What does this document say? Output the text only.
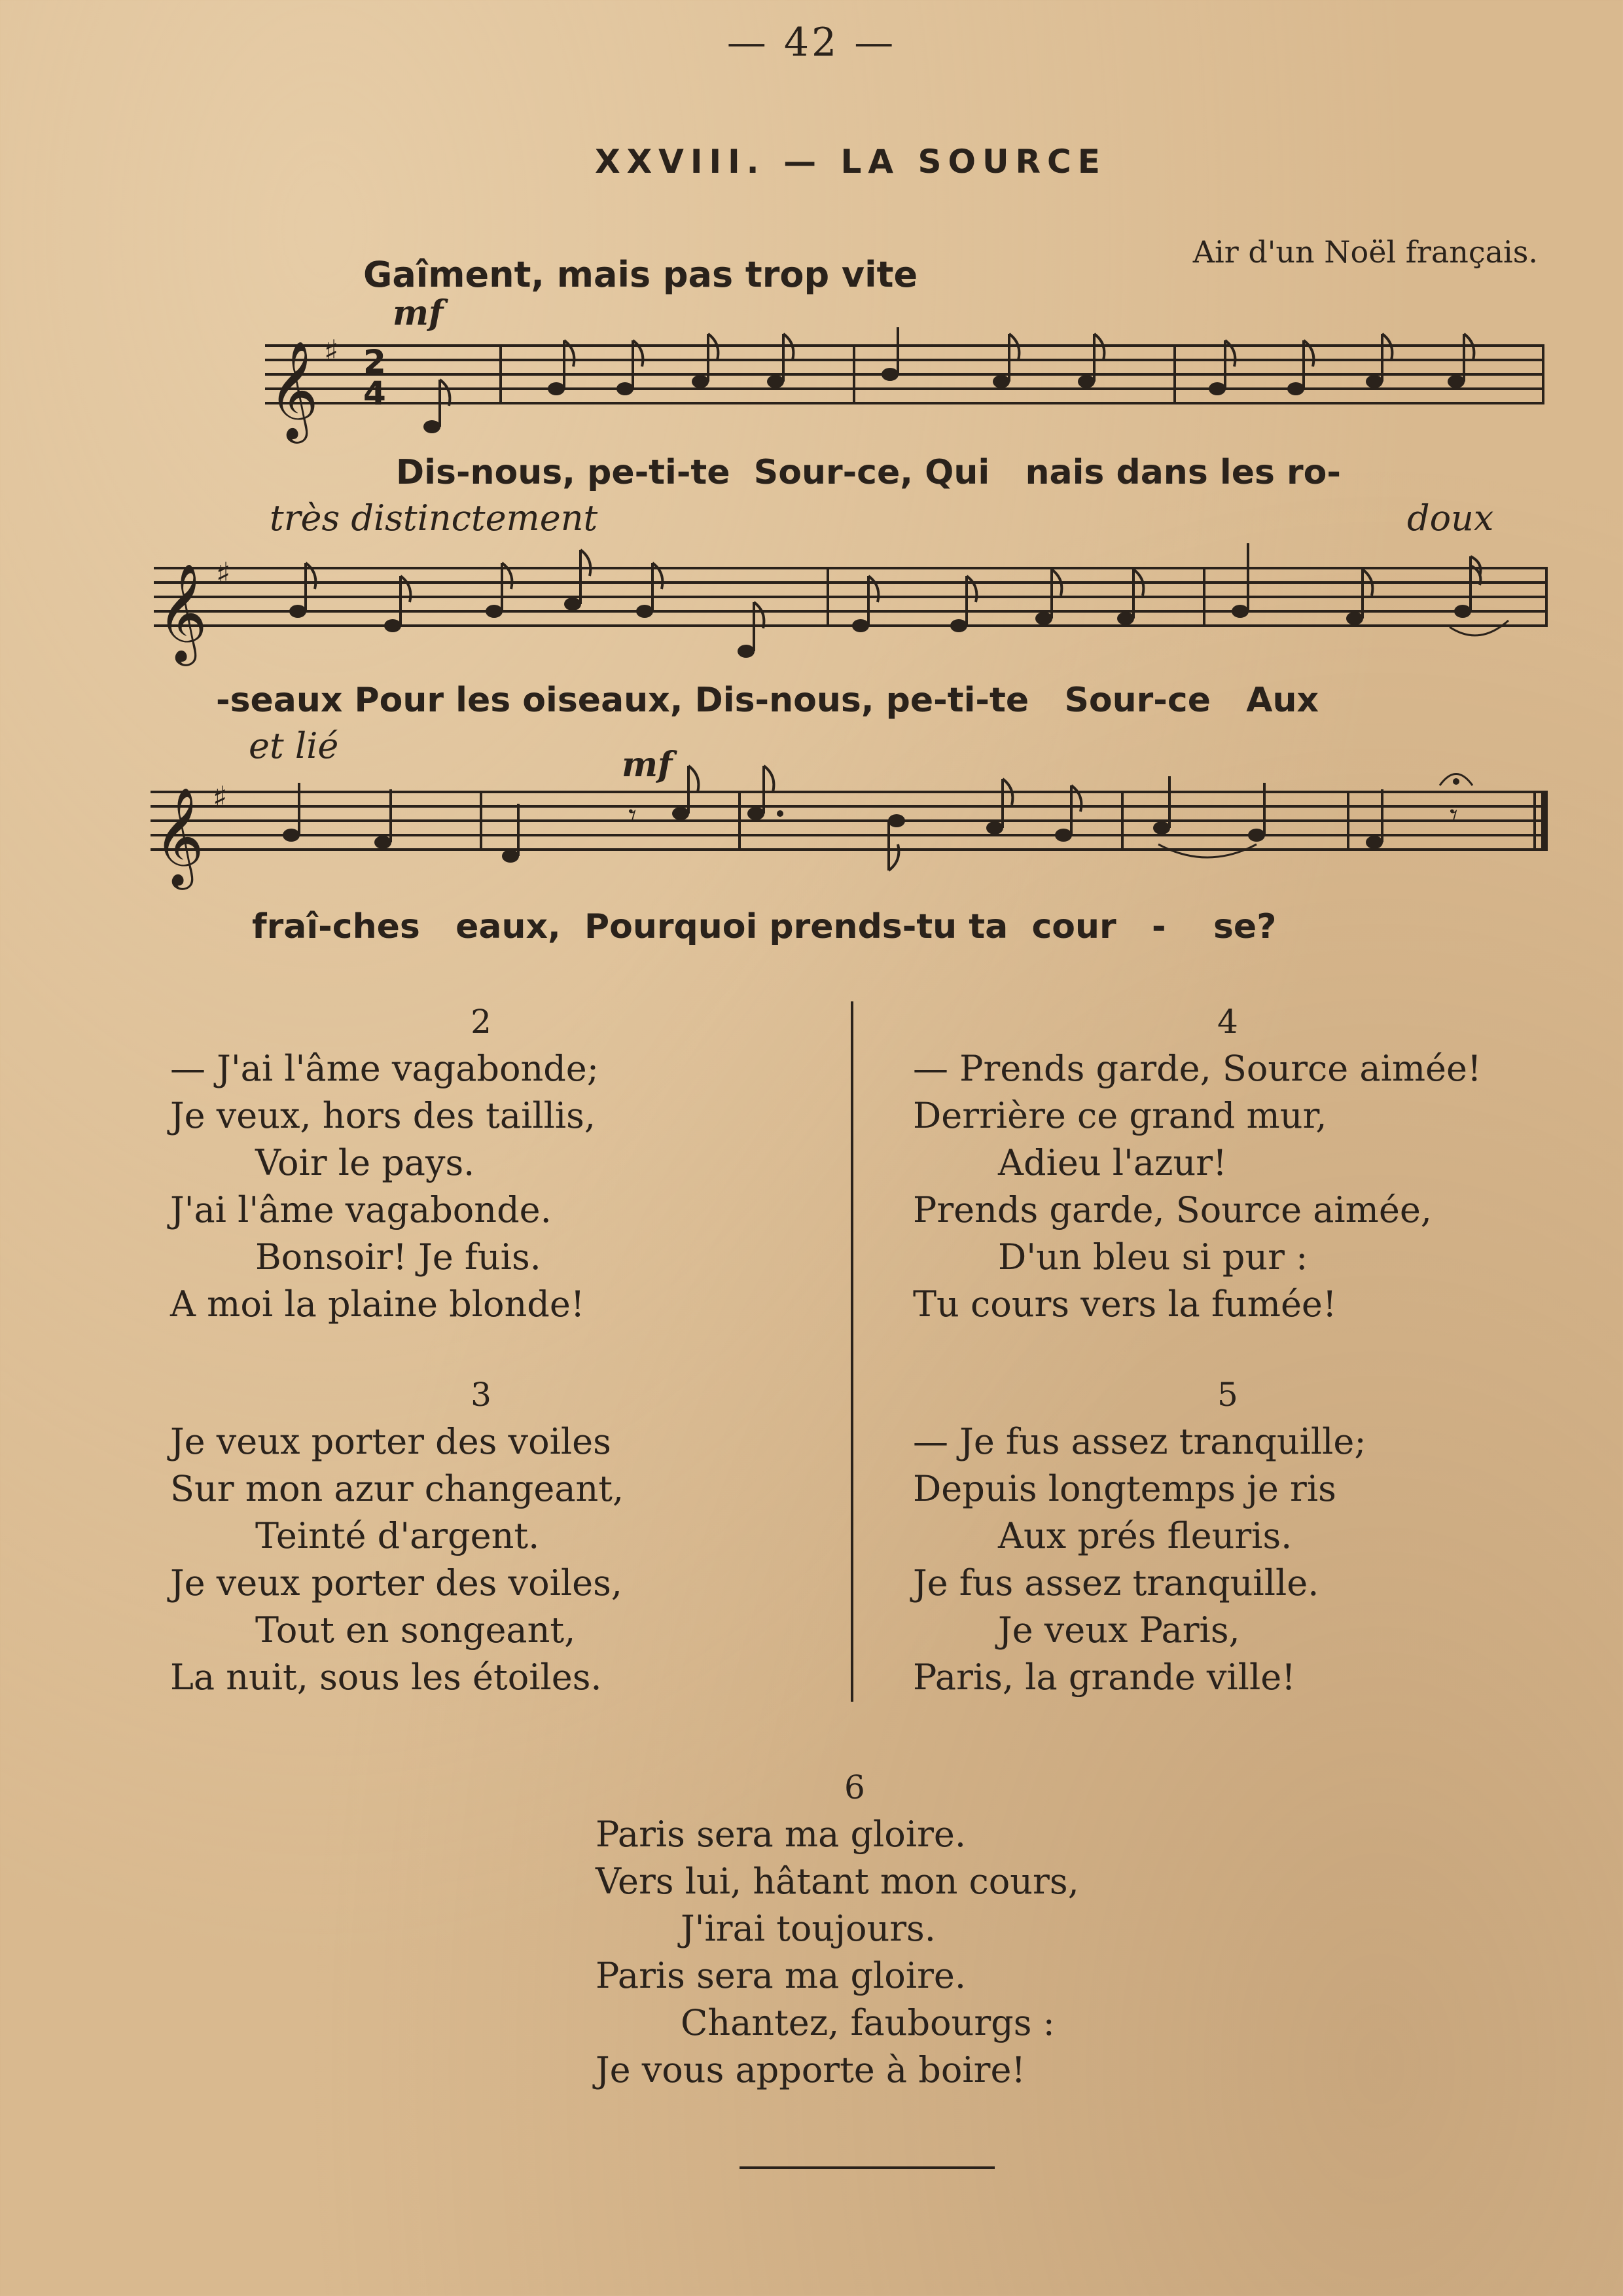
— 42 —
XXVIII. — LA SOURCE
Air d'un Noël français.
Gaîment, mais pas trop vite
mf
𝄞
𝄞
𝄞
♯
♯
♯
2
4
𝄾	𝄾
Dis-nous, pe-ti-te  Sour-ce, Qui   nais dans les ro-
très distinctement	doux
-seaux Pour les oiseaux, Dis-nous, pe-ti-te   Sour-ce   Aux
et lié	mf
fraî-ches   eaux,  Pourquoi prends-tu ta  cour   -    se?
2
— J'ai l'âme vagabonde;
Je veux, hors des taillis,
Voir le pays.
J'ai l'âme vagabonde.
Bonsoir! Je fuis.
A moi la plaine blonde!
3
Je veux porter des voiles
Sur mon azur changeant,
Teinté d'argent.
Je veux porter des voiles,
Tout en songeant,
La nuit, sous les étoiles.
4
— Prends garde, Source aimée!
Derrière ce grand mur,
Adieu l'azur!
Prends garde, Source aimée,
D'un bleu si pur :
Tu cours vers la fumée!
5
— Je fus assez tranquille;
Depuis longtemps je ris
Aux prés fleuris.
Je fus assez tranquille.
Je veux Paris,
Paris, la grande ville!
6
Paris sera ma gloire.
Vers lui, hâtant mon cours,
J'irai toujours.
Paris sera ma gloire.
Chantez, faubourgs :
Je vous apporte à boire!
